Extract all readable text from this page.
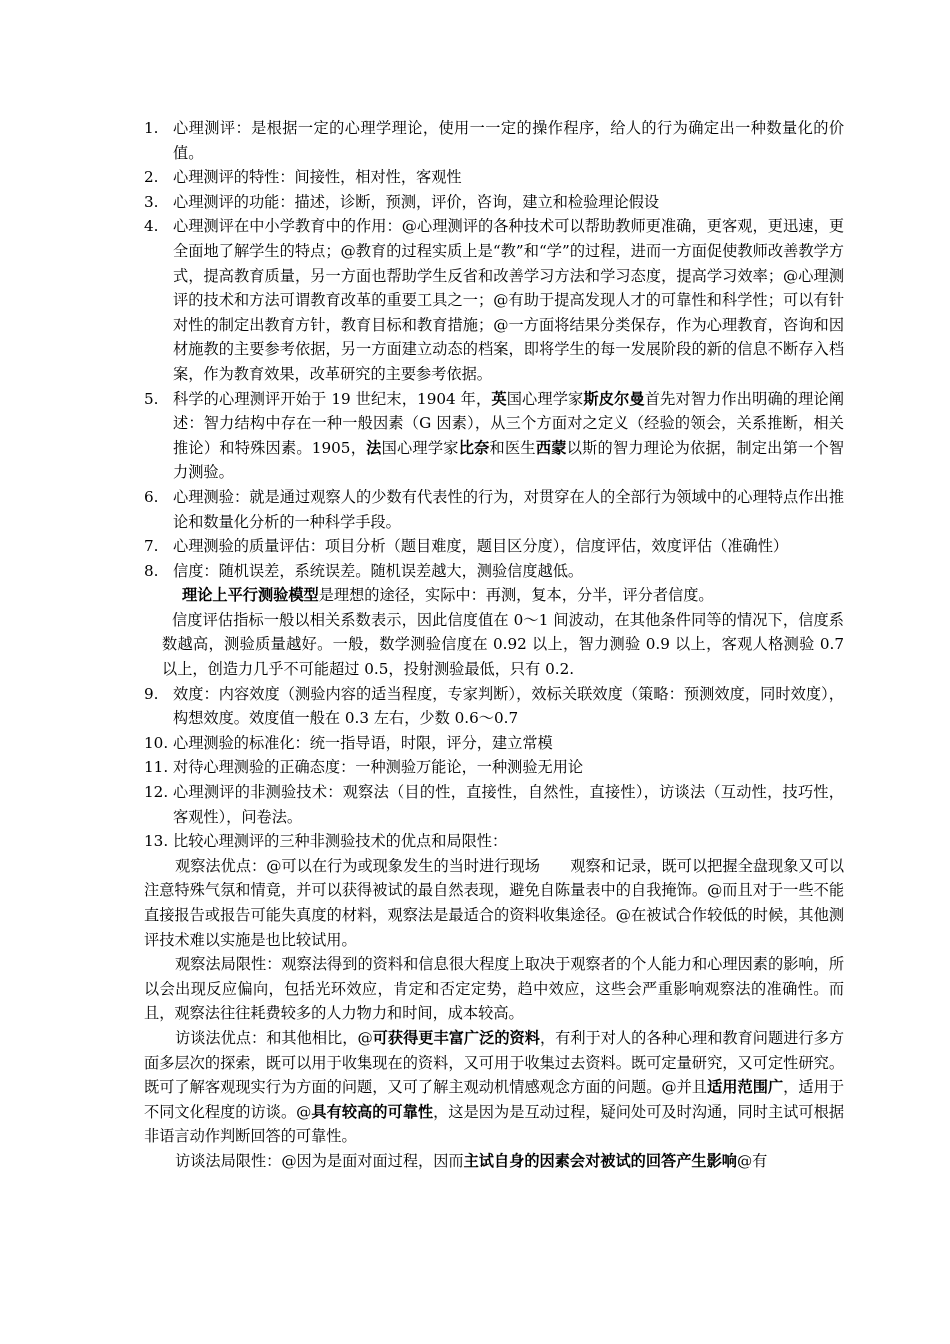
1. 心理测评：是根据一定的心理学理论，使用一一定的操作程序，给人的行为确定出一种数量化的价值。
2. 心理测评的特性：间接性，相对性，客观性
3. 心理测评的功能：描述，诊断，预测，评价，咨询，建立和检验理论假设
4. 心理测评在中小学教育中的作用：@心理测评的各种技术可以帮助教师更准确，更客观，更迅速，更全面地了解学生的特点；@教育的过程实质上是“教”和“学”的过程，进而一方面促使教师改善教学方式，提高教育质量，另一方面也帮助学生反省和改善学习方法和学习态度，提高学习效率；@心理测评的技术和方法可谓教育改革的重要工具之一；@有助于提高发现人才的可靠性和科学性；可以有针对性的制定出教育方针，教育目标和教育措施；@一方面将结果分类保存，作为心理教育，咨询和因材施教的主要参考依据，另一方面建立动态的档案，即将学生的每一发展阶段的新的信息不断存入档案，作为教育效果，改革研究的主要参考依据。
5. 科学的心理测评开始于 19 世纪末，1904 年，英国心理学家斯皮尔曼首先对智力作出明确的理论阐述：智力结构中存在一种一般因素（G 因素），从三个方面对之定义（经验的领会，关系推断，相关推论）和特殊因素。1905，法国心理学家比奈和医生西蒙以斯的智力理论为依据，制定出第一个智力测验。
6. 心理测验：就是通过观察人的少数有代表性的行为，对贯穿在人的全部行为领域中的心理特点作出推论和数量化分析的一种科学手段。
7. 心理测验的质量评估：项目分析（题目难度，题目区分度），信度评估，效度评估（准确性）
8. 信度：随机误差，系统误差。随机误差越大，测验信度越低。
理论上平行测验模型是理想的途径，实际中：再测，复本，分半，评分者信度。
信度评估指标一般以相关系数表示，因此信度值在 0～1 间波动，在其他条件同等的情况下，信度系数越高，测验质量越好。一般，数学测验信度在 0.92 以上，智力测验 0.9 以上，客观人格测验 0.7 以上，创造力几乎不可能超过 0.5，投射测验最低，只有 0.2.
9. 效度：内容效度（测验内容的适当程度，专家判断），效标关联效度（策略：预测效度，同时效度），构想效度。效度值一般在 0.3 左右，少数 0.6～0.7
10. 心理测验的标准化：统一指导语，时限，评分，建立常模
11. 对待心理测验的正确态度：一种测验万能论，一种测验无用论
12. 心理测评的非测验技术：观察法（目的性，直接性，自然性，直接性），访谈法（互动性，技巧性，客观性），问卷法。
13. 比较心理测评的三种非测验技术的优点和局限性：
观察法优点：@可以在行为或现象发生的当时进行现场　　观察和记录，既可以把握全盘现象又可以注意特殊气氛和情竟，并可以获得被试的最自然表现，避免自陈量表中的自我掩饰。@而且对于一些不能直接报告或报告可能失真度的材料，观察法是最适合的资料收集途径。@在被试合作较低的时候，其他测评技术难以实施是也比较试用。
观察法局限性：观察法得到的资料和信息很大程度上取决于观察者的个人能力和心理因素的影响，所以会出现反应偏向，包括光环效应，肯定和否定定势，趋中效应，这些会严重影响观察法的准确性。而且，观察法往往耗费较多的人力物力和时间，成本较高。
访谈法优点：和其他相比，@可获得更丰富广泛的资料，有利于对人的各种心理和教育问题进行多方面多层次的探索，既可以用于收集现在的资料，又可用于收集过去资料。既可定量研究，又可定性研究。既可了解客观现实行为方面的问题，又可了解主观动机情感观念方面的问题。@并且适用范围广，适用于不同文化程度的访谈。@具有较高的可靠性，这是因为是互动过程，疑问处可及时沟通，同时主试可根据非语言动作判断回答的可靠性。
访谈法局限性：@因为是面对面过程，因而主试自身的因素会对被试的回答产生影响@有
